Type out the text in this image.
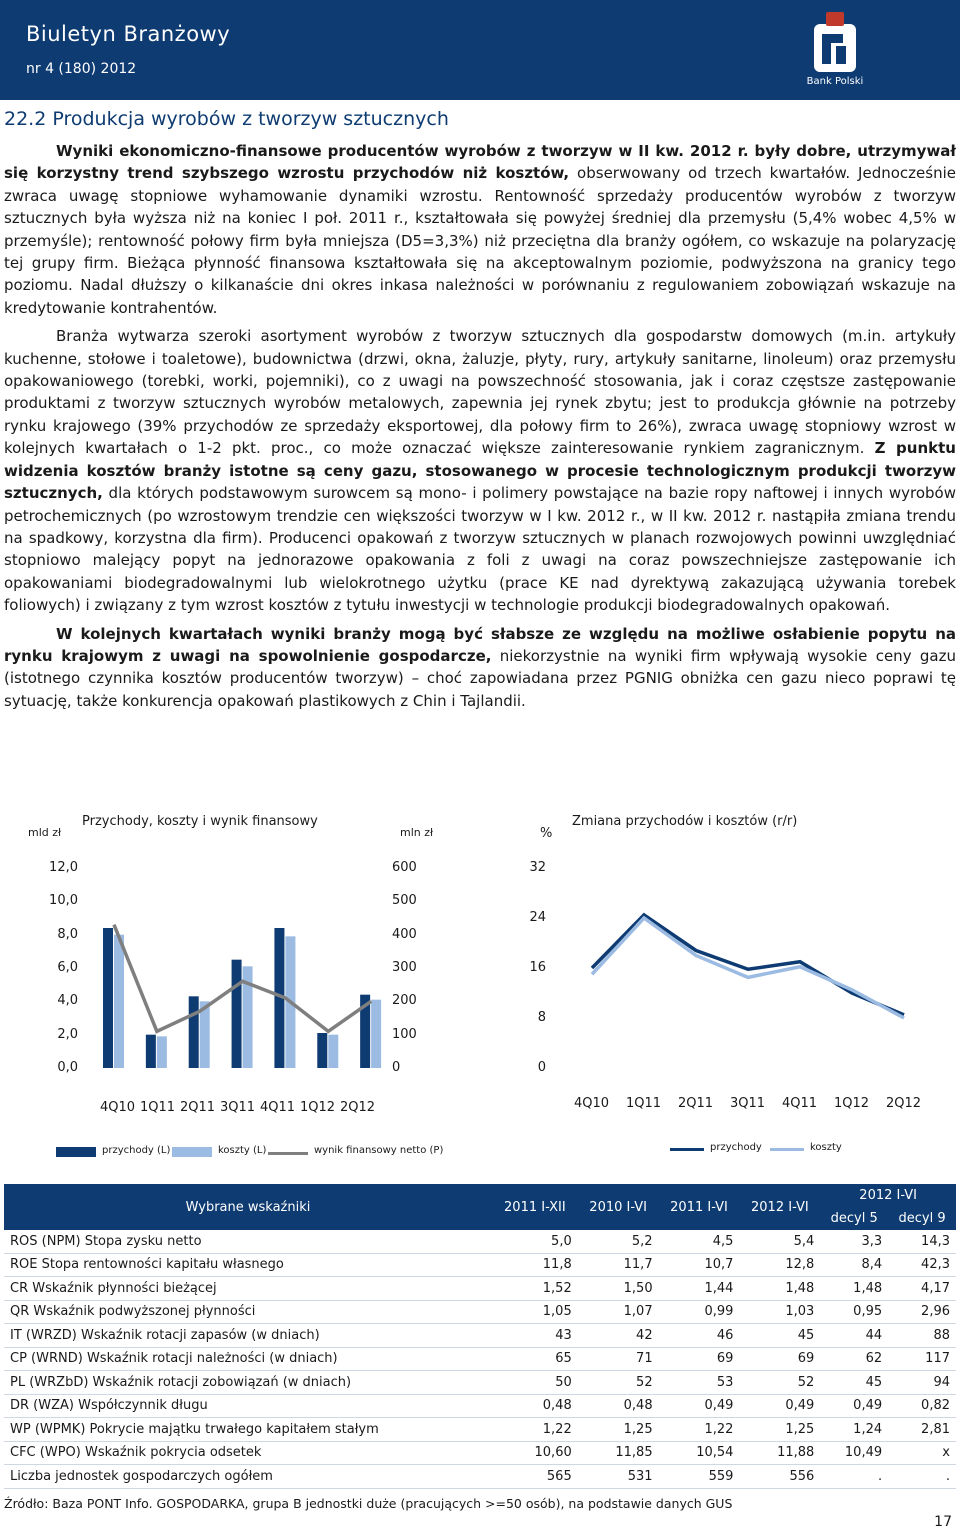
Biuletyn Branżowy
nr 4 (180) 2012
Bank Polski
22.2 Produkcja wyrobów z tworzyw sztucznych

Wyniki ekonomiczno-finansowe producentów wyrobów z tworzyw w II kw. 2012 r. były dobre, utrzymywał się korzystny trend szybszego wzrostu przychodów niż kosztów, obserwowany od trzech kwartałów. Jednocześnie zwraca uwagę stopniowe wyhamowanie dynamiki wzrostu. Rentowność sprzedaży producentów wyrobów z tworzyw sztucznych była wyższa niż na koniec I poł. 2011 r., kształtowała się powyżej średniej dla przemysłu (5,4% wobec 4,5% w przemyśle); rentowność połowy firm była mniejsza (D5=3,3%) niż przeciętna dla branży ogółem, co wskazuje na polaryzację tej grupy firm. Bieżąca płynność finansowa kształtowała się na akceptowalnym poziomie, podwyższona na granicy tego poziomu. Nadal dłuższy o kilkanaście dni okres inkasa należności w porównaniu z regulowaniem zobowiązań wskazuje na kredytowanie kontrahentów.

Branża wytwarza szeroki asortyment wyrobów z tworzyw sztucznych dla gospodarstw domowych (m.in. artykuły kuchenne, stołowe i toaletowe), budownictwa (drzwi, okna, żaluzje, płyty, rury, artykuły sanitarne, linoleum) oraz przemysłu opakowaniowego (torebki, worki, pojemniki), co z uwagi na powszechność stosowania, jak i coraz częstsze zastępowanie produktami z tworzyw sztucznych wyrobów metalowych, zapewnia jej rynek zbytu; jest to produkcja głównie na potrzeby rynku krajowego (39% przychodów ze sprzedaży eksportowej, dla połowy firm to 26%), zwraca uwagę stopniowy wzrost w kolejnych kwartałach o 1-2 pkt. proc., co może oznaczać większe zainteresowanie rynkiem zagranicznym. Z punktu widzenia kosztów branży istotne są ceny gazu, stosowanego w procesie technologicznym produkcji tworzyw sztucznych, dla których podstawowym surowcem są mono- i polimery powstające na bazie ropy naftowej i innych wyrobów petrochemicznych (po wzrostowym trendzie cen większości tworzyw w I kw. 2012 r., w II kw. 2012 r. nastąpiła zmiana trendu na spadkowy, korzystna dla firm). Producenci opakowań z tworzyw sztucznych w planach rozwojowych powinni uwzględniać stopniowo malejący popyt na jednorazowe opakowania z foli z uwagi na coraz powszechniejsze zastępowanie ich opakowaniami biodegradowalnymi lub wielokrotnego użytku (prace KE nad dyrektywą zakazującą używania torebek foliowych) i związany z tym wzrost kosztów z tytułu inwestycji w technologie produkcji biodegradowalnych opakowań.

W kolejnych kwartałach wyniki branży mogą być słabsze ze względu na możliwe osłabienie popytu na rynku krajowym z uwagi na spowolnienie gospodarcze, niekorzystnie na wyniki firm wpływają wysokie ceny gazu (istotnego czynnika kosztów producentów tworzyw) – choć zapowiadana przez PGNIG obniżka cen gazu nieco poprawi tę sytuację, także konkurencja opakowań plastikowych z Chin i Tajlandii.

Przychody, koszty i wynik finansowy
mld zł	mln zł
Zmiana przychodów i kosztów (r/r)
%
Wybrane wskaźniki	2011 I-XII	2010 I-VI	2011 I-VI	2012 I-VI	2012 I-VI	
					decyl 5	decyl 9
ROS (NPM) Stopa zysku netto	5,0	5,2	4,5	5,4	3,3	14,3
ROE Stopa rentowności kapitału własnego	11,8	11,7	10,7	12,8	8,4	42,3
CR Wskaźnik płynności bieżącej	1,52	1,50	1,44	1,48	1,48	4,17
QR Wskaźnik podwyższonej płynności	1,05	1,07	0,99	1,03	0,95	2,96
IT (WRZD) Wskaźnik rotacji zapasów (w dniach)	43	42	46	45	44	88
CP (WRND) Wskaźnik rotacji należności (w dniach)	65	71	69	69	62	117
PL (WRZbD) Wskaźnik rotacji zobowiązań (w dniach)	50	52	53	52	45	94
DR (WZA) Współczynnik długu	0,48	0,48	0,49	0,49	0,49	0,82
WP (WPMK) Pokrycie majątku trwałego kapitałem stałym	1,22	1,25	1,22	1,25	1,24	2,81
CFC (WPO) Wskaźnik pokrycia odsetek	10,60	11,85	10,54	11,88	10,49	x
Liczba jednostek gospodarczych ogółem	565	531	559	556	.	.
Źródło: Baza PONT Info. GOSPODARKA, grupa B jednostki duże (pracujących >=50 osób), na podstawie danych GUS
17
12,0
10,0
8,0
6,0
4,0
2,0
0,0
600
500
400
300
200
100
0
4Q10 1Q11 2Q11 3Q11 4Q11 1Q12 2Q12
przychody (L)	koszty (L)	wynik finansowy netto (P)
32
24
16
8
0
4Q10 1Q11 2Q11 3Q11 4Q11 1Q12 2Q12
przychody	koszty
